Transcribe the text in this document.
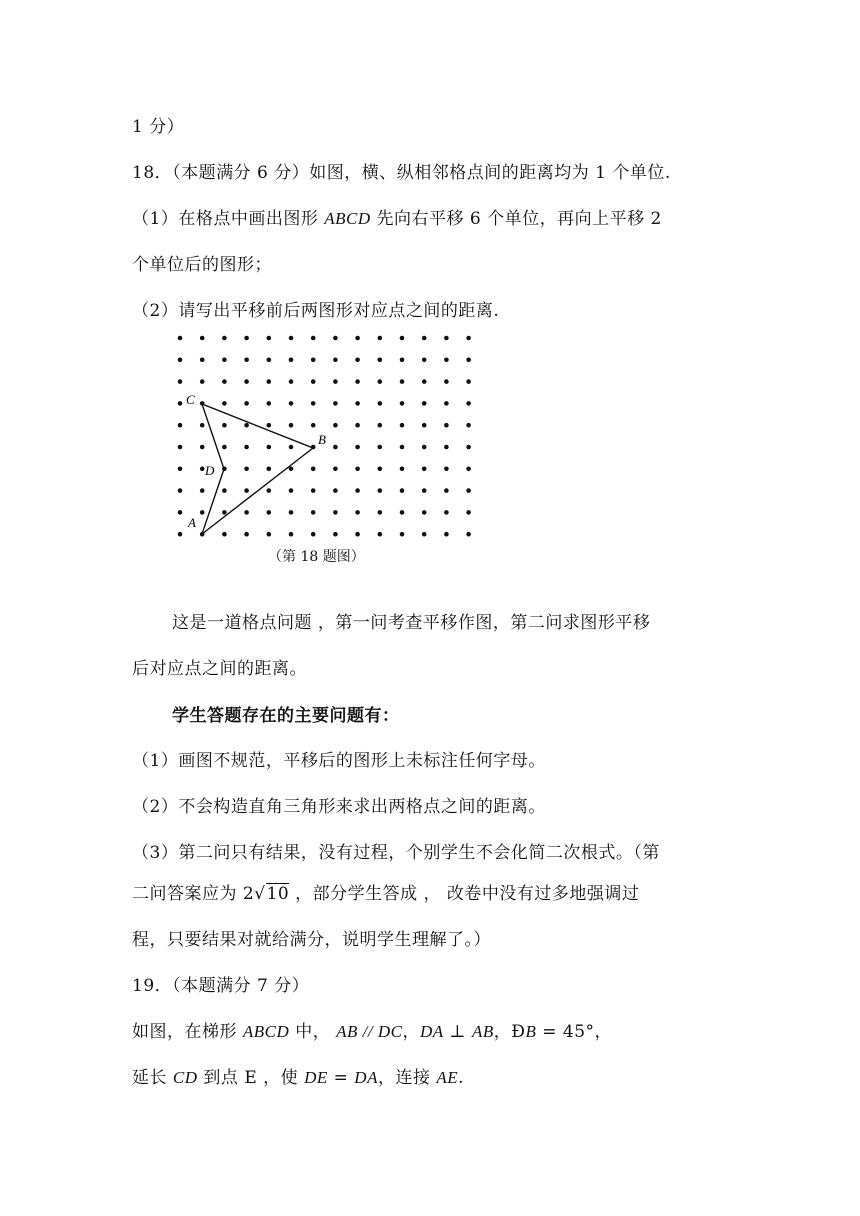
1 分）
18．（本题满分 6 分）如图，横、纵相邻格点间的距离均为 1 个单位.
（1）在格点中画出图形 ABCD 先向右平移 6 个单位，再向上平移 2
个单位后的图形；
（2）请写出平移前后两图形对应点之间的距离.
C
B
D
A
（第 18 题图）
这是一道格点问题 ，第一问考查平移作图，第二问求图形平移
后对应点之间的距离。
学生答题存在的主要问题有：
（1）画图不规范，平移后的图形上未标注任何字母。
（2）不会构造直角三角形来求出两格点之间的距离。
（3）第二问只有结果，没有过程，个别学生不会化简二次根式。（第
二问答案应为 2√10 ，部分学生答成 ， 改卷中没有过多地强调过
程，只要结果对就给满分，说明学生理解了。）
19．（本题满分 7 分）
如图，在梯形 ABCD 中， AB // DC，DA ⊥ AB，ÐB = 45°，
延长 CD 到点 E ，使 DE = DA，连接 AE.
